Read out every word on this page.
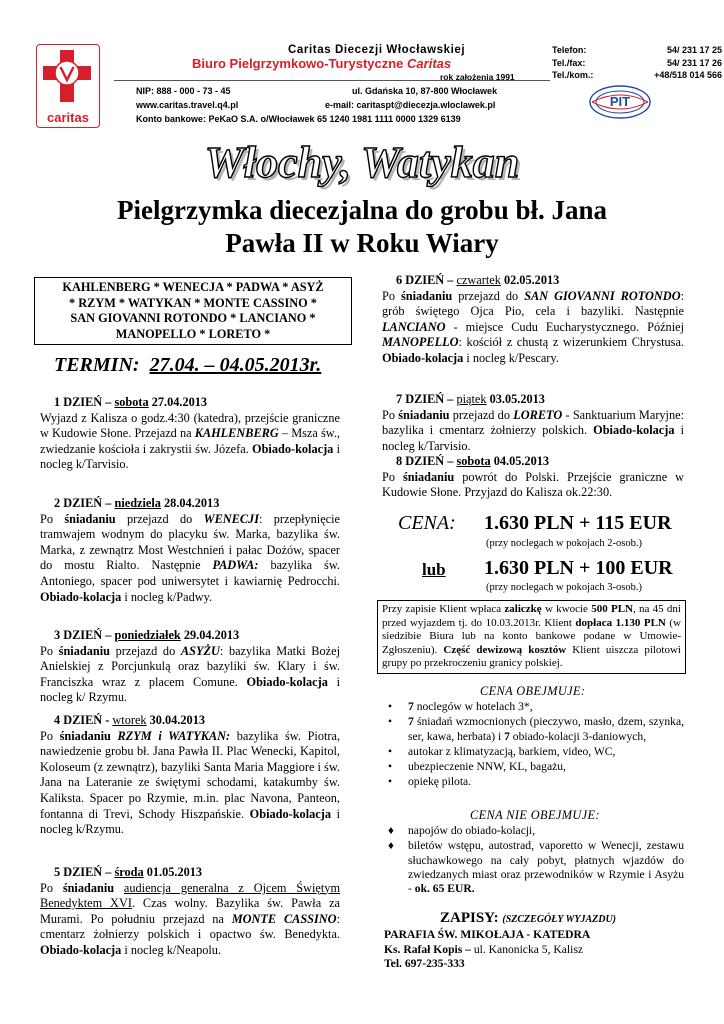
caritas
Caritas Diecezji Włocławskiej
Biuro Pielgrzymkowo-Turystyczne Caritas
rok założenia 1991
Telefon:	54/ 231 17 25
Tel./fax:	54/ 231 17 26
Tel./kom.:	+48/518 014 566
PIT
NIP: 888 - 000 - 73 - 45	ul. Gdańska 10, 87-800 Włocławek
www.caritas.travel.q4.pl	e-mail: caritaspt@diecezja.wloclawek.pl
Konto bankowe: PeKaO S.A. o/Włocławek 65 1240 1981 1111 0000 1329 6139
Włochy, Watykan
Pielgrzymka diecezjalna do grobu bł. Jana
Pawła II w Roku Wiary
KAHLENBERG * WENECJA * PADWA * ASYŻ
* RZYM * WATYKAN * MONTE CASSINO *
SAN GIOVANNI ROTONDO * LANCIANO *
MANOPELLO * LORETO *
TERMIN: 27.04. – 04.05.2013r.
1 DZIEŃ – sobota 27.04.2013
Wyjazd z Kalisza o godz.4:30 (katedra), przejście graniczne w Kudowie Słone. Przejazd na KAHLENBERG – Msza św., zwiedzanie kościoła i zakrystii św. Józefa. Obiado-kolacja i nocleg k/Tarvisio.
2 DZIEŃ – niedziela 28.04.2013
Po śniadaniu przejazd do WENECJI: przepłynięcie tramwajem wodnym do placyku św. Marka, bazylika św. Marka, z zewnątrz Most Westchnień i pałac Dożów, spacer do mostu Rialto. Następnie PADWA: bazylika św. Antoniego, spacer pod uniwersytet i kawiarnię Pedrocchi. Obiado-kolacja i nocleg k/Padwy.
3 DZIEŃ – poniedziałek 29.04.2013
Po śniadaniu przejazd do ASYŻU: bazylika Matki Bożej Anielskiej z Porcjunkulą oraz bazyliki św. Klary i św. Franciszka wraz z placem Comune. Obiado-kolacja i nocleg k/ Rzymu.
4 DZIEŃ - wtorek 30.04.2013
Po śniadaniu RZYM i WATYKAN: bazylika św. Piotra, nawiedzenie grobu bł. Jana Pawła II. Plac Wenecki, Kapitol, Koloseum (z zewnątrz), bazyliki Santa Maria Maggiore i św. Jana na Lateranie ze świętymi schodami, katakumby św. Kaliksta. Spacer po Rzymie, m.in. plac Navona, Panteon, fontanna di Trevi, Schody Hiszpańskie. Obiado-kolacja i nocleg k/Rzymu.
5 DZIEŃ – środa 01.05.2013
Po śniadaniu audiencja generalna z Ojcem Świętym Benedyktem XVI. Czas wolny. Bazylika św. Pawła za Murami. Po południu przejazd na MONTE CASSINO: cmentarz żołnierzy polskich i opactwo św. Benedykta. Obiado-kolacja i nocleg k/Neapolu.
6 DZIEŃ – czwartek 02.05.2013
Po śniadaniu przejazd do SAN GIOVANNI ROTONDO: grób świętego Ojca Pio, cela i bazyliki. Następnie LANCIANO - miejsce Cudu Eucharystycznego. Później MANOPELLO: kościół z chustą z wizerunkiem Chrystusa. Obiado-kolacja i nocleg k/Pescary.
7 DZIEŃ – piątek 03.05.2013
Po śniadaniu przejazd do LORETO - Sanktuarium Maryjne: bazylika i cmentarz żołnierzy polskich. Obiado-kolacja i nocleg k/Tarvisio.
8 DZIEŃ – sobota 04.05.2013
Po śniadaniu powrót do Polski. Przejście graniczne w Kudowie Słone. Przyjazd do Kalisza ok.22:30.
CENA: 1.630 PLN + 115 EUR
(przy noclegach w pokojach 2-osob.)
lub 1.630 PLN + 100 EUR
(przy noclegach w pokojach 3-osob.)
Przy zapisie Klient wpłaca zaliczkę w kwocie 500 PLN, na 45 dni przed wyjazdem tj. do 10.03.2013r. Klient dopłaca 1.130 PLN (w siedzibie Biura lub na konto bankowe podane w Umowie- Zgłoszeniu). Część dewizową kosztów Klient uiszcza pilotowi grupy po przekroczeniu granicy polskiej.
CENA OBEJMUJE:
• 7 noclegów w hotelach 3*,
• 7 śniadań wzmocnionych (pieczywo, masło, dzem, szynka, ser, kawa, herbata) i 7 obiado-kolacji 3-daniowych,
• autokar z klimatyzacją, barkiem, video, WC,
• ubezpieczenie NNW, KL, bagażu,
• opiekę pilota.
CENA NIE OBEJMUJE:
♦ napojów do obiado-kolacji,
♦ biletów wstępu, autostrad, vaporetto w Wenecji, zestawu słuchawkowego na cały pobyt, płatnych wjazdów do zwiedzanych miast oraz przewodników w Rzymie i Asyżu - ok. 65 EUR.
ZAPISY: (SZCZEGÓŁY WYJAZDU)
PARAFIA ŚW. MIKOŁAJA - KATEDRA
Ks. Rafał Kopis – ul. Kanonicka 5, Kalisz
Tel. 697-235-333
